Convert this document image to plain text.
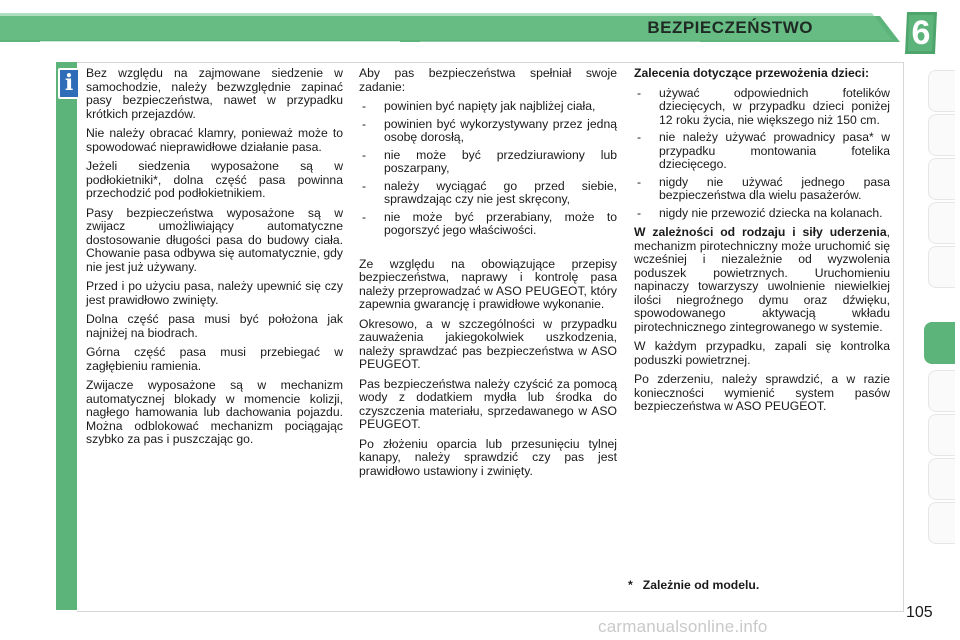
BEZPIECZEŃSTWO	6
i	Bez względu na zajmowane siedzenie w samochodzie, należy bezwzględnie zapinać pasy bezpieczeństwa, nawet w przypadku krótkich przejazdów.

Nie należy obracać klamry, ponieważ może to spowodować nieprawidłowe działanie pasa.

Jeżeli siedzenia wyposażone są w podłokietniki*, dolna część pasa powinna przechodzić pod podłokietnikiem.

Pasy bezpieczeństwa wyposażone są w zwijacz umożliwiający automatyczne dostosowanie długości pasa do budowy ciała. Chowanie pasa odbywa się automatycznie, gdy nie jest już używany.

Przed i po użyciu pasa, należy upewnić się czy jest prawidłowo zwinięty.

Dolna część pasa musi być położona jak najniżej na biodrach.

Górna część pasa musi przebiegać w zagłębieniu ramienia.

Zwijacze wyposażone są w mechanizm automatycznej blokady w momencie kolizji, nagłego hamowania lub dachowania pojazdu. Można odblokować mechanizm pociągając szybko za pas i puszczając go.

Aby pas bezpieczeństwa spełniał swoje zadanie:

- powinien być napięty jak najbliżej ciała,
- powinien być wykorzystywany przez jedną osobę dorosłą,
- nie może być przedziurawiony lub poszarpany,
- należy wyciągać go przed siebie, sprawdzając czy nie jest skręcony,
- nie może być przerabiany, może to pogorszyć jego właściwości.

Ze względu na obowiązujące przepisy bezpieczeństwa, naprawy i kontrolę pasa należy przeprowadzać w ASO PEUGEOT, który zapewnia gwarancję i prawidłowe wykonanie.

Okresowo, a w szczególności w przypadku zauważenia jakiegokolwiek uszkodzenia, należy sprawdzać pas bezpieczeństwa w ASO PEUGEOT.

Pas bezpieczeństwa należy czyścić za pomocą wody z dodatkiem mydła lub środka do czyszczenia materiału, sprzedawanego w ASO PEUGEOT.

Po złożeniu oparcia lub przesunięciu tylnej kanapy, należy sprawdzić czy pas jest prawidłowo ustawiony i zwinięty.

Zalecenia dotyczące przewożenia dzieci:

- używać odpowiednich fotelików dziecięcych, w przypadku dzieci poniżej 12 roku życia, nie większego niż 150 cm.
- nie należy używać prowadnicy pasa* w przypadku montowania fotelika dziecięcego.
- nigdy nie używać jednego pasa bezpieczeństwa dla wielu pasażerów.
- nigdy nie przewozić dziecka na kolanach.

W zależności od rodzaju i siły uderzenia, mechanizm pirotechniczny może uruchomić się wcześniej i niezależnie od wyzwolenia poduszek powietrznych. Uruchomieniu napinaczy towarzyszy uwolnienie niewielkiej ilości niegroźnego dymu oraz dźwięku, spowodowanego aktywacją wkładu pirotechnicznego zintegrowanego w systemie.

W każdym przypadku, zapali się kontrolka poduszki powietrznej.

Po zderzeniu, należy sprawdzić, a w razie konieczności wymienić system pasów bezpieczeństwa w ASO PEUGEOT.

* Zależnie od modelu.
105
carmanualsonline.info
